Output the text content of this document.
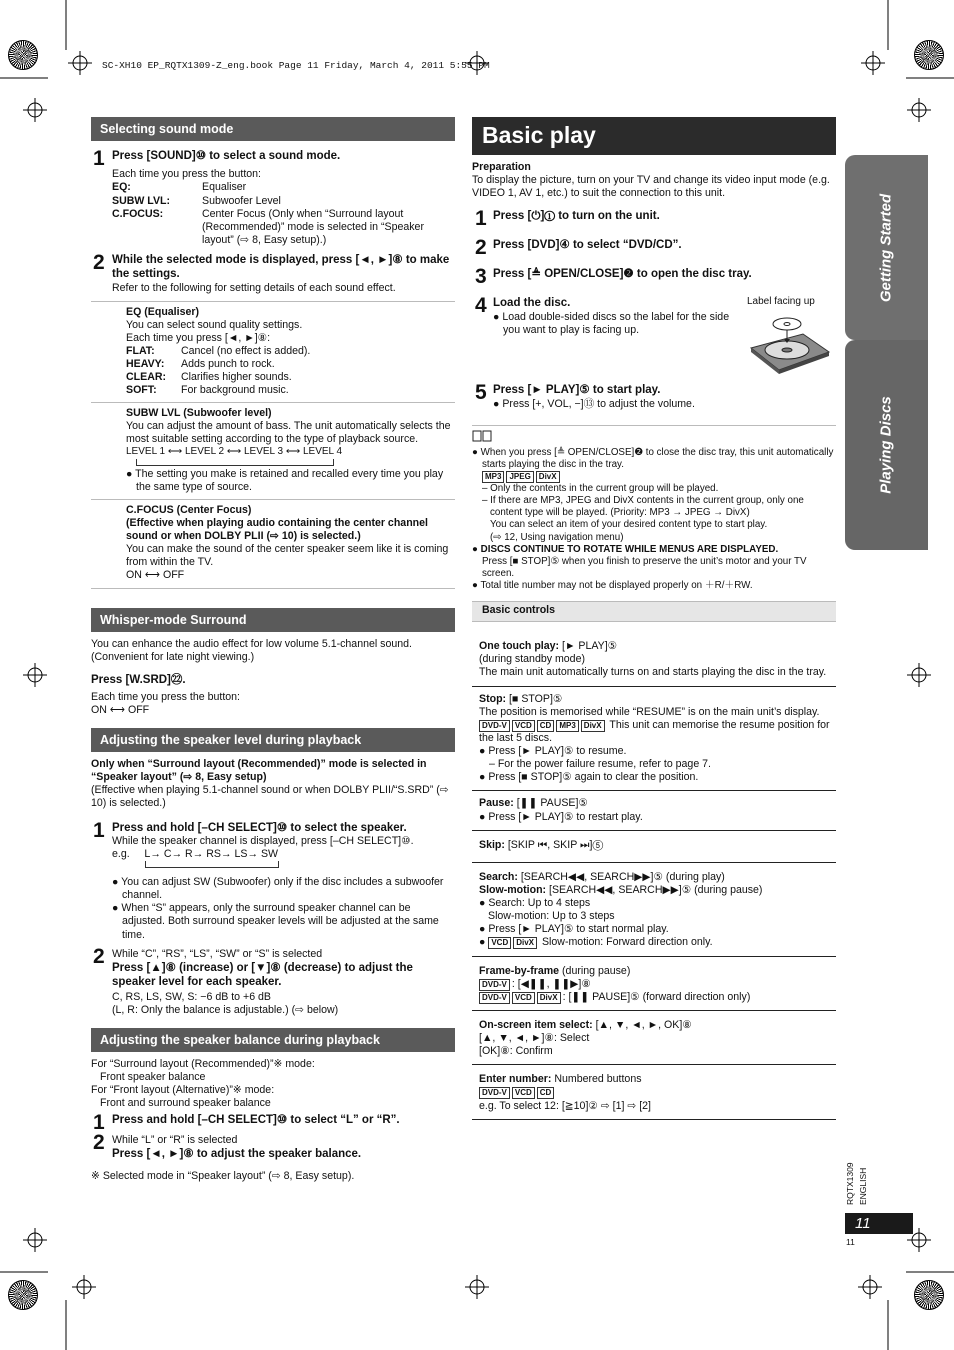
SC-XH10 EP_RQTX1309-Z_eng.book Page 11 Friday, March 4, 2011 5:55 PM
Getting Started
Playing Discs
Selecting sound mode
1 Press [SOUND]⑩ to select a sound mode.

Each time you press the button:

EQ:	Equaliser
SUBW LVL:	Subwoofer Level
C.FOCUS:	Center Focus (Only when “Surround layout (Recommended)” mode is selected in “Speaker layout” (⇨ 8, Easy setup).)
2 While the selected mode is displayed, press [◄, ►]⑧ to make the settings.

Refer to the following for setting details of each sound effect.

EQ (Equaliser)

You can select sound quality settings.

Each time you press [◄, ►]⑧:

FLAT:	Cancel (no effect is added).
HEAVY:	Adds punch to rock.
CLEAR:	Clarifies higher sounds.
SOFT:	For background music.

SUBW LVL (Subwoofer level)

You can adjust the amount of bass. The unit automatically selects the most suitable setting according to the type of playback source.

LEVEL 1 ⟷ LEVEL 2 ⟷ LEVEL 3 ⟷ LEVEL 4

● The setting you make is retained and recalled every time you play the same type of source.

C.FOCUS (Center Focus)

(Effective when playing audio containing the center channel sound or when DOLBY PLII (⇨ 10) is selected.)

You can make the sound of the center speaker seem like it is coming from within the TV.

ON ⟷ OFF

Whisper-mode Surround

You can enhance the audio effect for low volume 5.1-channel sound. (Convenient for late night viewing.)

Press [W.SRD]㉒.

Each time you press the button:

ON ⟷ OFF

Adjusting the speaker level during playback

Only when “Surround layout (Recommended)” mode is selected in “Speaker layout” (⇨ 8, Easy setup)

(Effective when playing 5.1-channel sound or when DOLBY PLII/“S.SRD” (⇨ 10) is selected.)

1 Press and hold [–CH SELECT]⑩ to select the speaker.

While the speaker channel is displayed, press [–CH SELECT]⑩.

e.g. L→ C→ R→ RS→ LS→ SW

● You can adjust SW (Subwoofer) only if the disc includes a subwoofer channel.

● When “S” appears, only the surround speaker channel can be adjusted. Both surround speaker levels will be adjusted at the same time.

2 While “C”, “RS”, “LS”, “SW” or “S” is selected

Press [▲]⑧ (increase) or [▼]⑧ (decrease) to adjust the speaker level for each speaker.

C, RS, LS, SW, S: −6 dB to +6 dB

(L, R: Only the balance is adjustable.) (⇨ below)

Adjusting the speaker balance during playback

For “Surround layout (Recommended)”※ mode:

Front speaker balance

For “Front layout (Alternative)”※ mode:

Front and surround speaker balance

1 Press and hold [–CH SELECT]⑩ to select “L” or “R”.

2 While “L” or “R” is selected

Press [◄, ►]⑧ to adjust the speaker balance.

※ Selected mode in “Speaker layout” (⇨ 8, Easy setup).

Basic play

Preparation

To display the picture, turn on your TV and change its video input mode (e.g. VIDEO 1, AV 1, etc.) to suit the connection to this unit.

1 Press [⏻]① to turn on the unit.

2 Press [DVD]④ to select “DVD/CD”.

3 Press [≜ OPEN/CLOSE]❷ to open the disc tray.

4 Load the disc.

● Load double-sided discs so the label for the side you want to play is facing up.

Label facing up
5 Press [► PLAY]⑤ to start play.

● Press [+, VOL, −]⑬ to adjust the volume.

● When you press [≜ OPEN/CLOSE]❷ to close the disc tray, this unit automatically starts playing the disc in the tray.

MP3 JPEG DivX

– Only the contents in the current group will be played.

– If there are MP3, JPEG and DivX contents in the current group, only one content type will be played. (Priority: MP3 → JPEG → DivX)

You can select an item of your desired content type to start play.

(⇨ 12, Using navigation menu)

● DISCS CONTINUE TO ROTATE WHILE MENUS ARE DISPLAYED.

Press [■ STOP]⑤ when you finish to preserve the unit’s motor and your TV screen.

● Total title number may not be displayed properly on ＋R/＋RW.

Basic controls

One touch play: [► PLAY]⑤

(during standby mode)

The main unit automatically turns on and starts playing the disc in the tray.

Stop: [■ STOP]⑤

The position is memorised while “RESUME” is on the main unit’s display.

DVD-V VCD CD MP3 DivX This unit can memorise the resume position for the last 5 discs.

● Press [► PLAY]⑤ to resume.

– For the power failure resume, refer to page 7.

● Press [■ STOP]⑤ again to clear the position.

Pause: [❚❚ PAUSE]⑤

● Press [► PLAY]⑤ to restart play.

Skip: [SKIP ⏮, SKIP ⏭]⑤

Search: [SEARCH◀◀, SEARCH▶▶]⑤ (during play)

Slow-motion: [SEARCH◀◀, SEARCH▶▶]⑤ (during pause)

● Search: Up to 4 steps

Slow-motion: Up to 3 steps

● Press [► PLAY]⑤ to start normal play.

● VCD DivX Slow-motion: Forward direction only.

Frame-by-frame (during pause)

DVD-V : [◀❚❚, ❚❚▶]⑧

DVD-V VCD DivX : [❚❚ PAUSE]⑤ (forward direction only)

On-screen item select: [▲, ▼, ◄, ►, OK]⑧

[▲, ▼, ◄, ►]⑧: Select

[OK]⑧: Confirm

Enter number: Numbered buttons

DVD-V VCD CD

e.g. To select 12: [≧10]② ⇨ [1] ⇨ [2]

RQTX1309 ENGLISH
11
11
